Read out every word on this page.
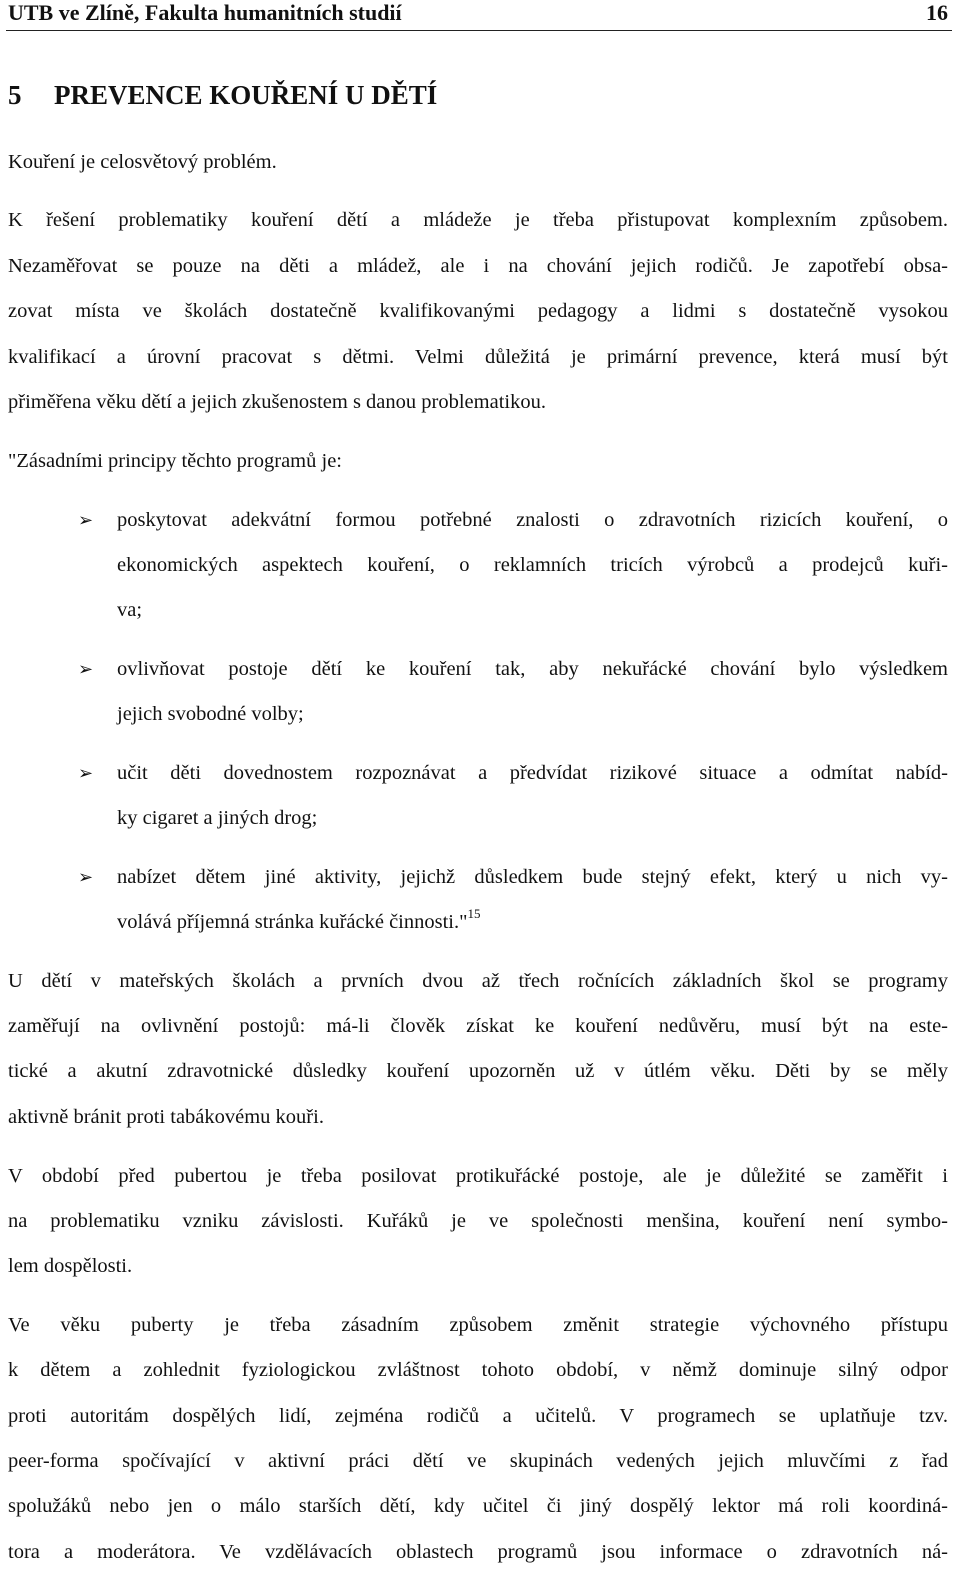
UTB ve Zlíně, Fakulta humanitních studií	16
5 PREVENCE KOUŘENÍ U DĚTÍ
Kouření je celosvětový problém.
K řešení problematiky kouření dětí a mládeže je třeba přistupovat komplexním způsobem.
Nezaměřovat se pouze na děti a mládež, ale i na chování jejich rodičů. Je zapotřebí obsa-
zovat místa ve školách dostatečně kvalifikovanými pedagogy a lidmi s dostatečně vysokou
kvalifikací a úrovní pracovat s dětmi. Velmi důležitá je primární prevence, která musí být
přiměřena věku dětí a jejich zkušenostem s danou problematikou.
"Zásadními principy těchto programů je:
➢ poskytovat adekvátní formou potřebné znalosti o zdravotních rizicích kouření, o
ekonomických aspektech kouření, o reklamních tricích výrobců a prodejců kuři-
va;
➢ ovlivňovat postoje dětí ke kouření tak, aby nekuřácké chování bylo výsledkem
jejich svobodné volby;
➢ učit děti dovednostem rozpoznávat a předvídat rizikové situace a odmítat nabíd-
ky cigaret a jiných drog;
➢ nabízet dětem jiné aktivity, jejichž důsledkem bude stejný efekt, který u nich vy-
volává příjemná stránka kuřácké činnosti."$^{15}$
U dětí v mateřských školách a prvních dvou až třech ročnících základních škol se programy
zaměřují na ovlivnění postojů: má-li člověk získat ke kouření nedůvěru, musí být na este-
tické a akutní zdravotnické důsledky kouření upozorněn už v útlém věku. Děti by se měly
aktivně bránit proti tabákovému kouři.
V období před pubertou je třeba posilovat protikuřácké postoje, ale je důležité se zaměřit i
na problematiku vzniku závislosti. Kuřáků je ve společnosti menšina, kouření není symbo-
lem dospělosti.
Ve věku puberty je třeba zásadním způsobem změnit strategie výchovného přístupu
k dětem a zohlednit fyziologickou zvláštnost tohoto období, v němž dominuje silný odpor
proti autoritám dospělých lidí, zejména rodičů a učitelů. V programech se uplatňuje tzv.
peer-forma spočívající v aktivní práci dětí ve skupinách vedených jejich mluvčími z řad
spolužáků nebo jen o málo starších dětí, kdy učitel či jiný dospělý lektor má roli koordiná-
tora a moderátora. Ve vzdělávacích oblastech programů jsou informace o zdravotních ná-
